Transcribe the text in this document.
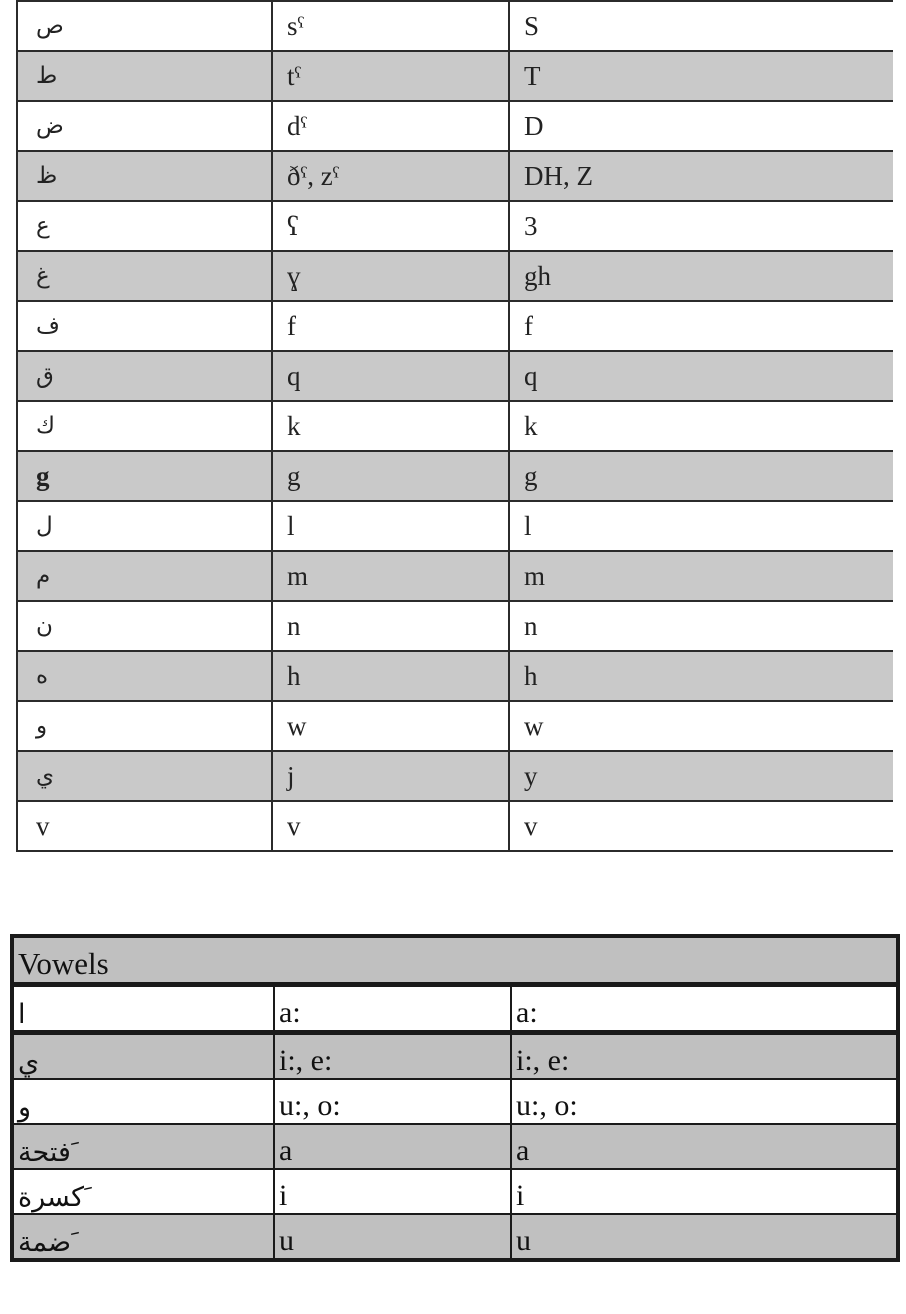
ص	sˤ	S
ط	tˤ	T
ض	dˤ	D
ظ	ðˤ, zˤ	DH, Z
ع	ʕ	3
غ	ɣ	gh
ف	f	f
ق	q	q
ك	k	k
g	g	g
ل	l	l
م	m	m
ن	n	n
ه	h	h
و	w	w
ي	j	y
v	v	v
Vowels		
ا	a:	a:
ي	i:, e:	i:, e:
و	u:, o:	u:, o:
فتحة َ	a	a
كسرة َ	i	i
ضمة َ	u	u
